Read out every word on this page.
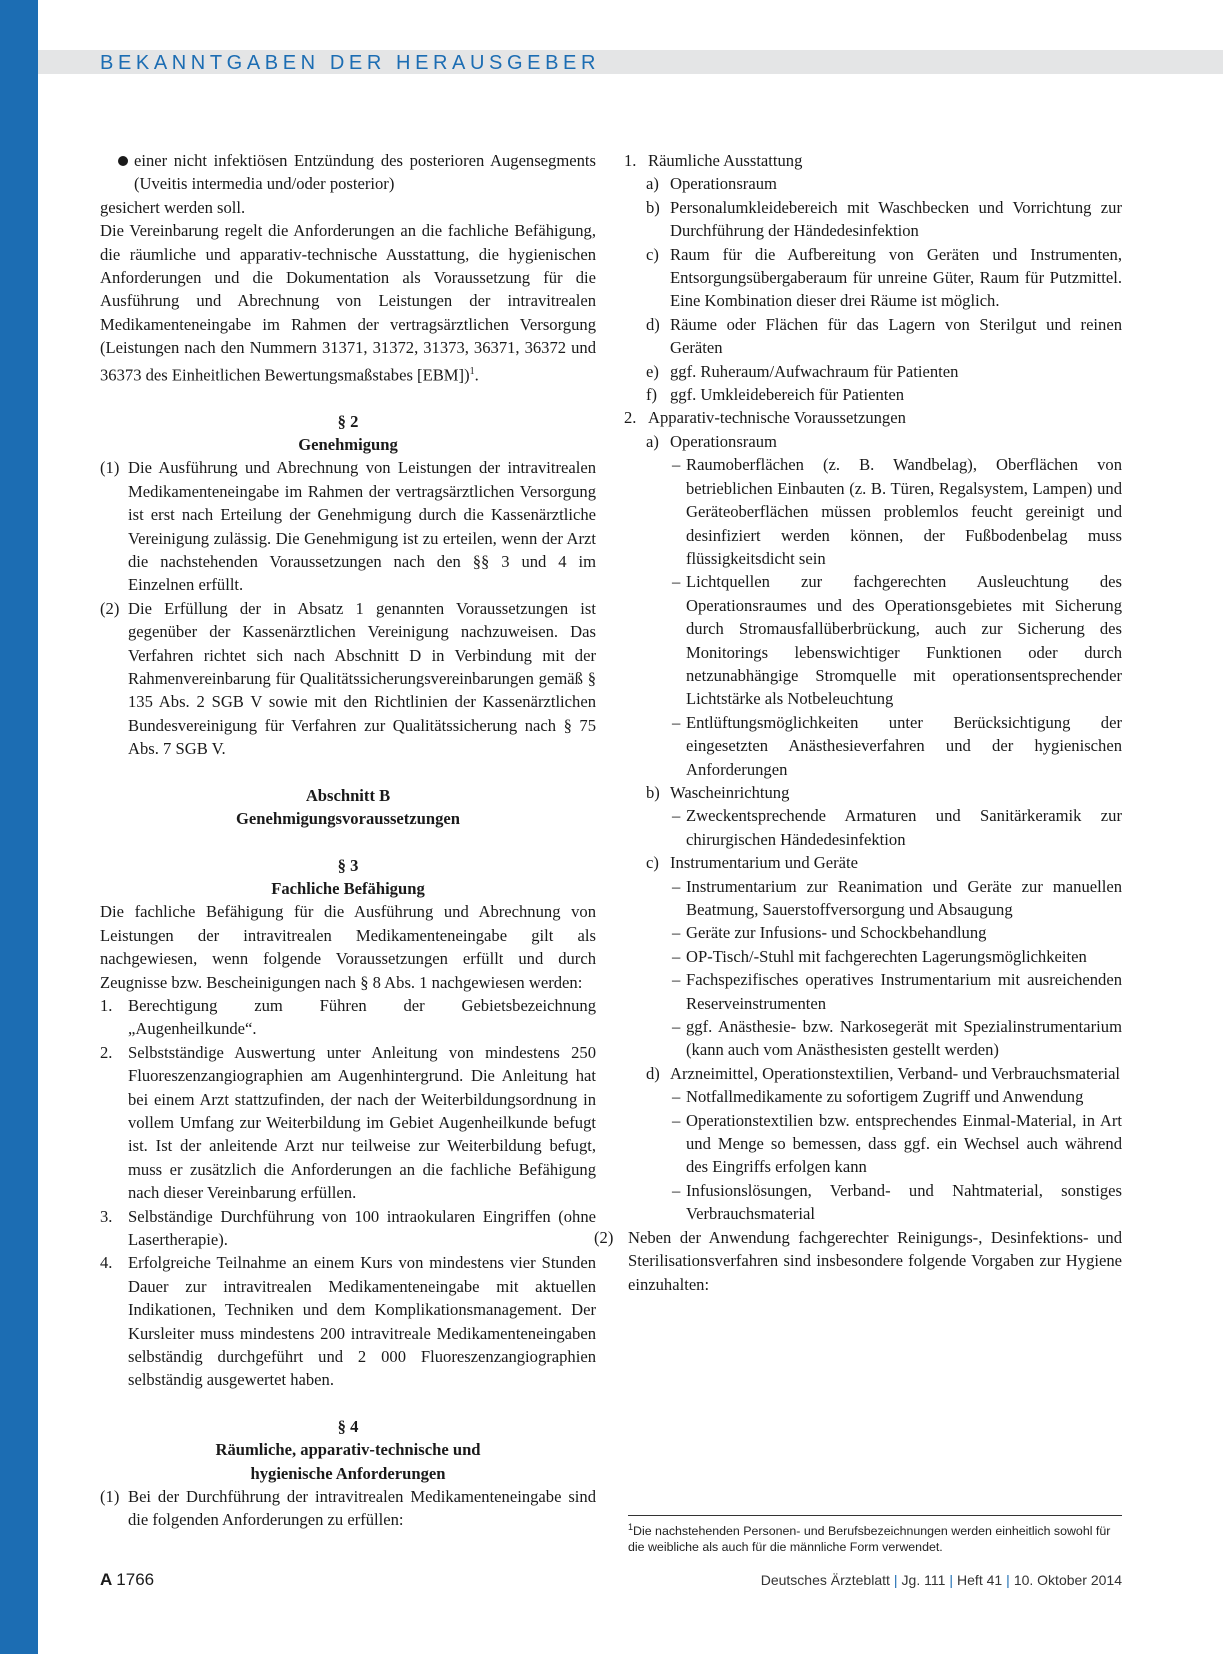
BEKANNTGABEN DER HERAUSGEBER
einer nicht infektiösen Entzündung des posterioren Augensegments (Uveitis intermedia und/oder posterior)

gesichert werden soll.

Die Vereinbarung regelt die Anforderungen an die fachliche Befähigung, die räumliche und apparativ-technische Ausstattung, die hygienischen Anforderungen und die Dokumentation als Voraussetzung für die Ausführung und Abrechnung von Leistungen der intravitrealen Medikamenteneingabe im Rahmen der vertragsärztlichen Versorgung (Leistungen nach den Nummern 31371, 31372, 31373, 36371, 36372 und 36373 des Einheitlichen Bewertungsmaßstabes [EBM])$^1$.

§ 2
Genehmigung
(1) Die Ausführung und Abrechnung von Leistungen der intravitrealen Medikamenteneingabe im Rahmen der vertragsärztlichen Versorgung ist erst nach Erteilung der Genehmigung durch die Kassenärztliche Vereinigung zulässig. Die Genehmigung ist zu erteilen, wenn der Arzt die nachstehenden Voraussetzungen nach den §§ 3 und 4 im Einzelnen erfüllt.
(2) Die Erfüllung der in Absatz 1 genannten Voraussetzungen ist gegenüber der Kassenärztlichen Vereinigung nachzuweisen. Das Verfahren richtet sich nach Abschnitt D in Verbindung mit der Rahmenvereinbarung für Qualitätssicherungsvereinbarungen gemäß § 135 Abs. 2 SGB V sowie mit den Richtlinien der Kassenärztlichen Bundesvereinigung für Verfahren zur Qualitätssicherung nach § 75 Abs. 7 SGB V.
Abschnitt B
Genehmigungsvoraussetzungen
§ 3
Fachliche Befähigung

Die fachliche Befähigung für die Ausführung und Abrechnung von Leistungen der intravitrealen Medikamenteneingabe gilt als nachgewiesen, wenn folgende Voraussetzungen erfüllt und durch Zeugnisse bzw. Bescheinigungen nach § 8 Abs. 1 nachgewiesen werden:

1. Berechtigung zum Führen der Gebietsbezeichnung „Augenheilkunde“.
2. Selbstständige Auswertung unter Anleitung von mindestens 250 Fluoreszenzangiographien am Augenhintergrund. Die Anleitung hat bei einem Arzt stattzufinden, der nach der Weiterbildungsordnung in vollem Umfang zur Weiterbildung im Gebiet Augenheilkunde befugt ist. Ist der anleitende Arzt nur teilweise zur Weiterbildung befugt, muss er zusätzlich die Anforderungen an die fachliche Befähigung nach dieser Vereinbarung erfüllen.
3. Selbständige Durchführung von 100 intraokularen Eingriffen (ohne Lasertherapie).
4. Erfolgreiche Teilnahme an einem Kurs von mindestens vier Stunden Dauer zur intravitrealen Medikamenteneingabe mit aktuellen Indikationen, Techniken und dem Komplikationsmanagement. Der Kursleiter muss mindestens 200 intravitreale Medikamenteneingaben selbständig durchgeführt und 2 000 Fluoreszenzangiographien selbständig ausgewertet haben.
§ 4
Räumliche, apparativ-technische und
hygienische Anforderungen
(1) Bei der Durchführung der intravitrealen Medikamenteneingabe sind die folgenden Anforderungen zu erfüllen:
1. Räumliche Ausstattung
a) Operationsraum
b) Personalumkleidebereich mit Waschbecken und Vorrichtung zur Durchführung der Händedesinfektion
c) Raum für die Aufbereitung von Geräten und Instrumenten, Entsorgungsübergaberaum für unreine Güter, Raum für Putzmittel. Eine Kombination dieser drei Räume ist möglich.
d) Räume oder Flächen für das Lagern von Sterilgut und reinen Geräten
e) ggf. Ruheraum/Aufwachraum für Patienten
f) ggf. Umkleidebereich für Patienten
2. Apparativ-technische Voraussetzungen
a) Operationsraum
– Raumoberflächen (z. B. Wandbelag), Oberflächen von betrieblichen Einbauten (z. B. Türen, Regalsystem, Lampen) und Geräteoberflächen müssen problemlos feucht gereinigt und desinfiziert werden können, der Fußbodenbelag muss flüssigkeitsdicht sein
– Lichtquellen zur fachgerechten Ausleuchtung des Operationsraumes und des Operationsgebietes mit Sicherung durch Stromausfallüberbrückung, auch zur Sicherung des Monitorings lebenswichtiger Funktionen oder durch netzunabhängige Stromquelle mit operationsentsprechender Lichtstärke als Notbeleuchtung
– Entlüftungsmöglichkeiten unter Berücksichtigung der eingesetzten Anästhesieverfahren und der hygienischen Anforderungen
b) Wascheinrichtung
– Zweckentsprechende Armaturen und Sanitärkeramik zur chirurgischen Händedesinfektion
c) Instrumentarium und Geräte
– Instrumentarium zur Reanimation und Geräte zur manuellen Beatmung, Sauerstoffversorgung und Absaugung
– Geräte zur Infusions- und Schockbehandlung
– OP-Tisch/-Stuhl mit fachgerechten Lagerungsmöglichkeiten
– Fachspezifisches operatives Instrumentarium mit ausreichenden Reserveinstrumenten
– ggf. Anästhesie- bzw. Narkosegerät mit Spezialinstrumentarium (kann auch vom Anästhesisten gestellt werden)
d) Arzneimittel, Operationstextilien, Verband- und Verbrauchsmaterial
– Notfallmedikamente zu sofortigem Zugriff und Anwendung
– Operationstextilien bzw. entsprechendes Einmal-Material, in Art und Menge so bemessen, dass ggf. ein Wechsel auch während des Eingriffs erfolgen kann
– Infusionslösungen, Verband- und Nahtmaterial, sonstiges Verbrauchsmaterial
(2) Neben der Anwendung fachgerechter Reinigungs-, Desinfektions- und Sterilisationsverfahren sind insbesondere folgende Vorgaben zur Hygiene einzuhalten:
$^1$Die nachstehenden Personen- und Berufsbezeichnungen werden einheitlich sowohl für die weibliche als auch für die männliche Form verwendet.
A 1766	Deutsches Ärzteblatt | Jg. 111 | Heft 41 | 10. Oktober 2014
